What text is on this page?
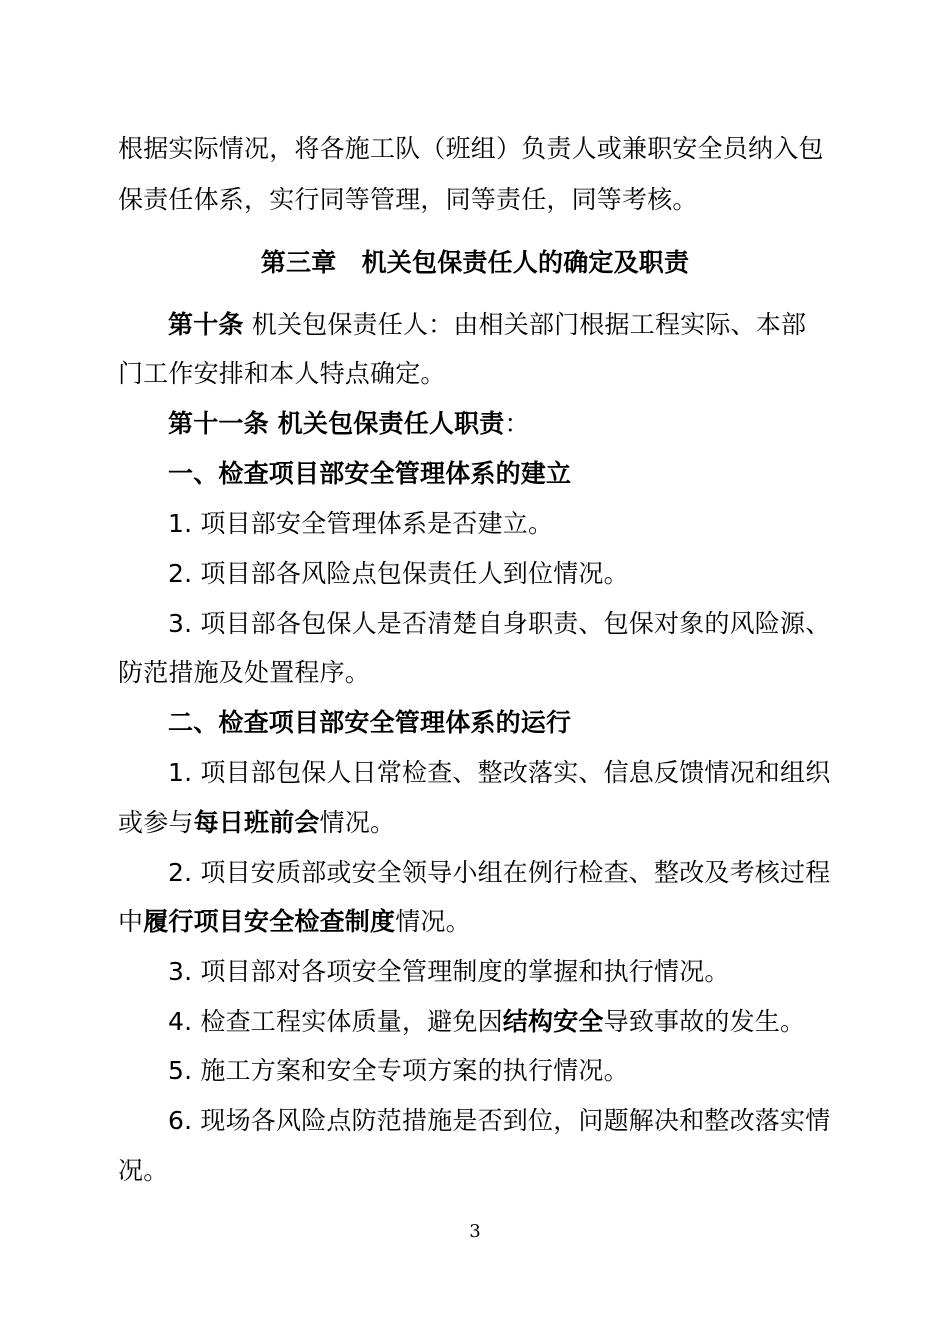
根据实际情况，将各施工队（班组）负责人或兼职安全员纳入包
保责任体系，实行同等管理，同等责任，同等考核。
第三章　机关包保责任人的确定及职责
第十条 机关包保责任人：由相关部门根据工程实际、本部
门工作安排和本人特点确定。
第十一条 机关包保责任人职责：
一、检查项目部安全管理体系的建立
1. 项目部安全管理体系是否建立。
2. 项目部各风险点包保责任人到位情况。
3. 项目部各包保人是否清楚自身职责、包保对象的风险源、
防范措施及处置程序。
二、检查项目部安全管理体系的运行
1. 项目部包保人日常检查、整改落实、信息反馈情况和组织
或参与每日班前会情况。
2. 项目安质部或安全领导小组在例行检查、整改及考核过程
中履行项目安全检查制度情况。
3. 项目部对各项安全管理制度的掌握和执行情况。
4. 检查工程实体质量，避免因结构安全导致事故的发生。
5. 施工方案和安全专项方案的执行情况。
6. 现场各风险点防范措施是否到位，问题解决和整改落实情
况。
3
